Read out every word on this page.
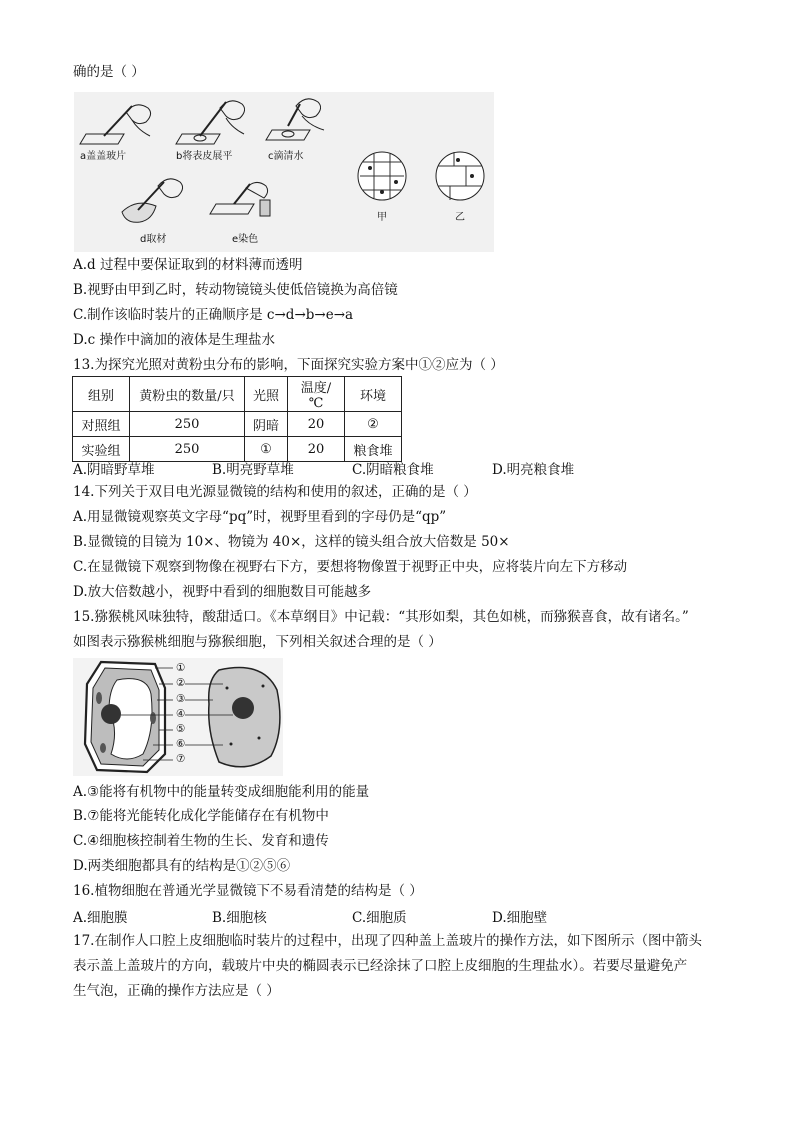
确的是（ ）
a盖盖玻片	b将表皮展平	c滴清水
d取材	e染色
甲	乙
A.d 过程中要保证取到的材料薄而透明
B.视野由甲到乙时，转动物镜镜头使低倍镜换为高倍镜
C.制作该临时装片的正确顺序是 c→d→b→e→a
D.c 操作中滴加的液体是生理盐水
13.为探究光照对黄粉虫分布的影响，下面探究实验方案中①②应为（ ）
组别	黄粉虫的数量/只	光照	温度/℃	环境
对照组	250	阴暗	20	②
实验组	250	①	20	粮食堆
A.阴暗野草堆	B.明亮野草堆	C.阴暗粮食堆	D.明亮粮食堆
14.下列关于双目电光源显微镜的结构和使用的叙述，正确的是（ ）
A.用显微镜观察英文字母“pq”时，视野里看到的字母仍是“qp”
B.显微镜的目镜为 10×、物镜为 40×，这样的镜头组合放大倍数是 50×
C.在显微镜下观察到物像在视野右下方，要想将物像置于视野正中央，应将装片向左下方移动
D.放大倍数越小，视野中看到的细胞数目可能越多
15.猕猴桃风味独特，酸甜适口。《本草纲目》中记载：“其形如梨，其色如桃，而猕猴喜食，故有诸名。”
如图表示猕猴桃细胞与猕猴细胞，下列相关叙述合理的是（ ）
①
②
③
④
⑤
⑥
⑦
A.③能将有机物中的能量转变成细胞能利用的能量
B.⑦能将光能转化成化学能储存在有机物中
C.④细胞核控制着生物的生长、发育和遗传
D.两类细胞都具有的结构是①②⑤⑥
16.植物细胞在普通光学显微镜下不易看清楚的结构是（ ）
A.细胞膜	B.细胞核	C.细胞质	D.细胞壁
17.在制作人口腔上皮细胞临时装片的过程中，出现了四种盖上盖玻片的操作方法，如下图所示（图中箭头
表示盖上盖玻片的方向，载玻片中央的椭圆表示已经涂抹了口腔上皮细胞的生理盐水）。若要尽量避免产
生气泡，正确的操作方法应是（ ）
